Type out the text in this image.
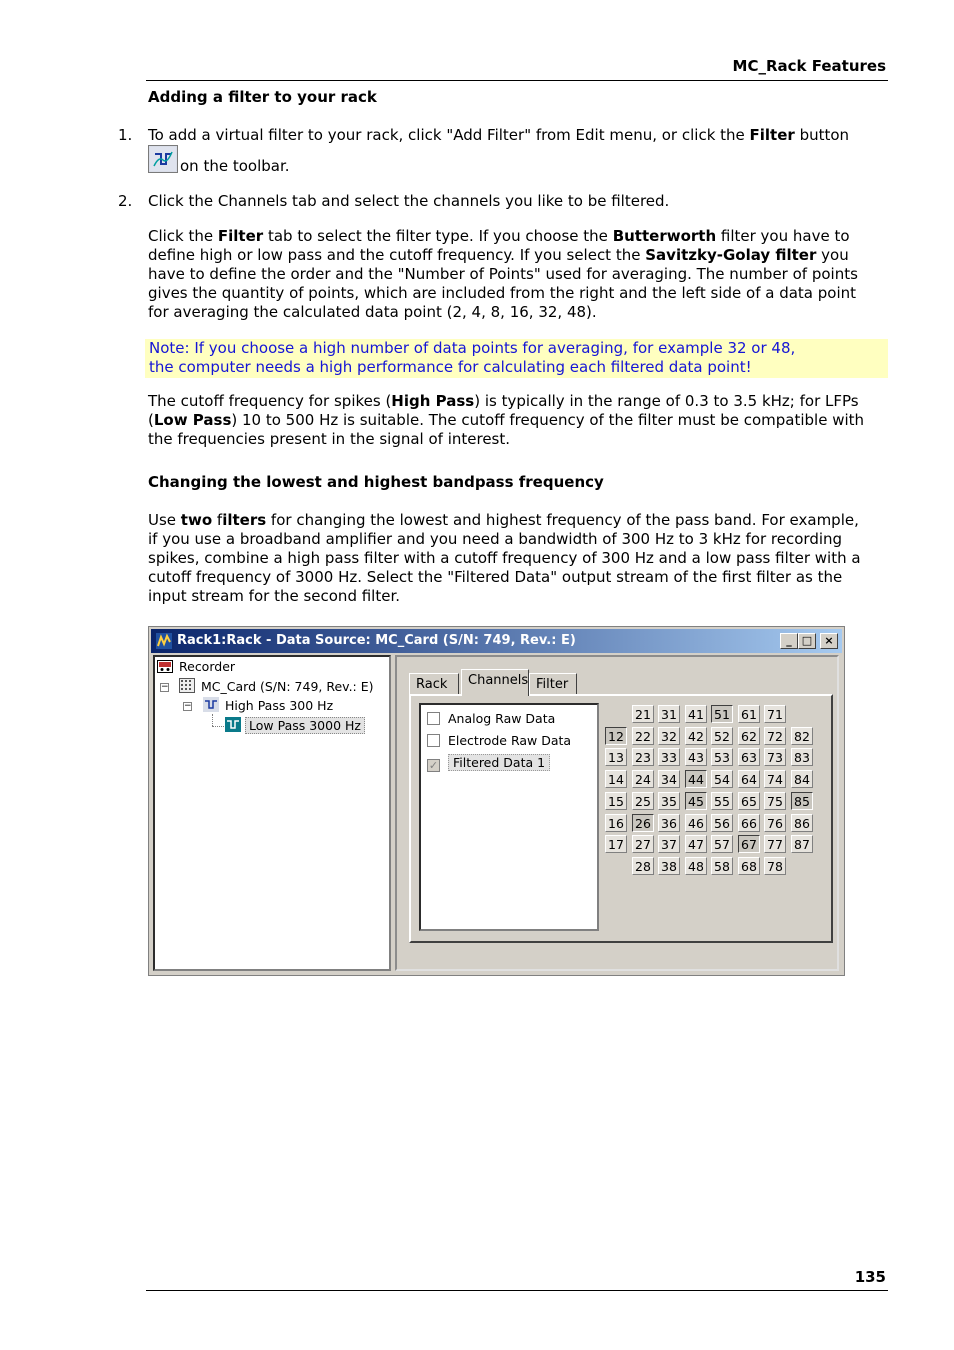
MC_Rack Features
Adding a filter to your rack
1. To add a virtual filter to your rack, click "Add Filter" from Edit menu, or click the Filter button
on the toolbar.
2. Click the Channels tab and select the channels you like to be filtered.
Click the Filter tab to select the filter type. If you choose the Butterworth filter you have to define high or low pass and the cutoff frequency. If you select the Savitzky-Golay filter you have to define the order and the "Number of Points" used for averaging. The number of points gives the quantity of points, which are included from the right and the left side of a data point for averaging the calculated data point (2, 4, 8, 16, 32, 48).
Note: If you choose a high number of data points for averaging, for example 32 or 48,
the computer needs a high performance for calculating each filtered data point!
The cutoff frequency for spikes (High Pass) is typically in the range of 0.3 to 3.5 kHz; for LFPs (Low Pass) 10 to 500 Hz is suitable. The cutoff frequency of the filter must be compatible with the frequencies present in the signal of interest.
Changing the lowest and highest bandpass frequency
Use two filters for changing the lowest and highest frequency of the pass band. For example, if you use a broadband amplifier and you need a bandwidth of 300 Hz to 3 kHz for recording spikes, combine a high pass filter with a cutoff frequency of 300 Hz and a low pass filter with a cutoff frequency of 3000 Hz. Select the "Filtered Data" output stream of the first filter as the input stream for the second filter.
Rack1:Rack - Data Source: MC_Card (S/N: 749, Rev.: E)	_ □	×
Recorder
−	MC_Card (S/N: 749, Rev.: E)
−	High Pass 300 Hz
Low Pass 3000 Hz
Rack	Channels Filter
Analog Raw Data
Electrode Raw Data
✓ Filtered Data 1
21 31 41 51 61 71
12 22 32 42 52 62 72 82
13 23 33 43 53 63 73 83
14 24 34 44 54 64 74 84
15 25 35 45 55 65 75 85
16 26 36 46 56 66 76 86
17 27 37 47 57 67 77 87
28 38 48 58 68 78
135
